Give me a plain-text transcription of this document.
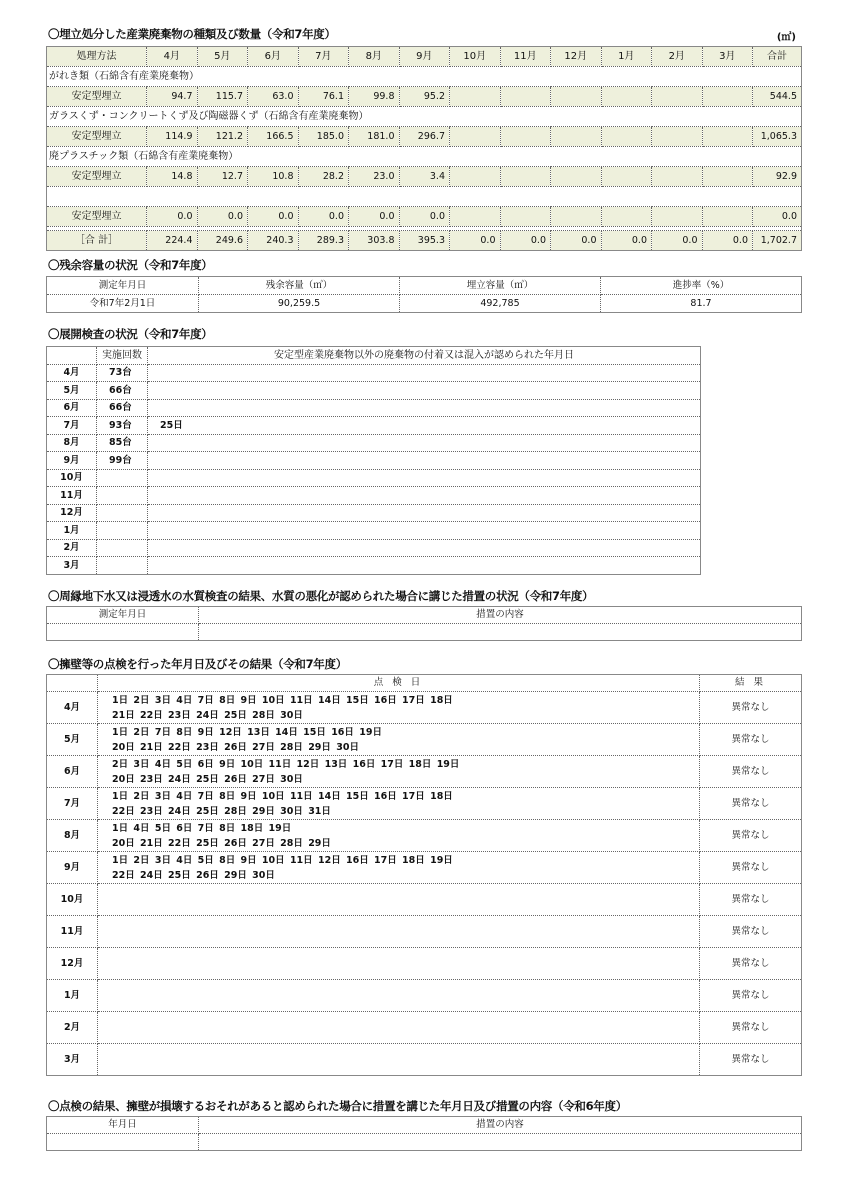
〇埋立処分した産業廃棄物の種類及び数量（令和7年度）	(㎡)
処理方法	4月	5月	6月	7月	8月	9月	10月	11月	12月	1月	2月	3月	合計
がれき類（石綿含有産業廃棄物）													
安定型埋立	94.7	115.7	63.0	76.1	99.8	95.2							544.5
ガラスくず・コンクリートくず及び陶磁器くず（石綿含有産業廃棄物）													
安定型埋立	114.9	121.2	166.5	185.0	181.0	296.7							1,065.3
廃プラスチック類（石綿含有産業廃棄物）													
安定型埋立	14.8	12.7	10.8	28.2	23.0	3.4							92.9

安定型埋立	0.0	0.0	0.0	0.0	0.0	0.0							0.0

［合 計］	224.4	249.6	240.3	289.3	303.8	395.3	0.0	0.0	0.0	0.0	0.0	0.0	1,702.7
〇残余容量の状況（令和7年度）
測定年月日	残余容量（㎥）	埋立容量（㎥）	進捗率（%）
令和7年2月1日	90,259.5	492,785	81.7
〇展開検査の状況（令和7年度）
	実施回数	安定型産業廃棄物以外の廃棄物の付着又は混入が認められた年月日
4月	73台	
5月	66台	
6月	66台	
7月	93台	25日
8月	85台	
9月	99台	
10月		
11月		
12月		
1月		
2月		
3月		
〇周縁地下水又は浸透水の水質検査の結果、水質の悪化が認められた場合に講じた措置の状況（令和7年度）
測定年月日	措置の内容

〇擁壁等の点検を行った年月日及びその結果（令和7年度）
	点 検 日	結 果
4月	1日 2日 3日 4日 7日 8日 9日 10日 11日 14日 15日 16日 17日 18日
21日 22日 23日 24日 25日 28日 30日	異常なし
5月	1日 2日 7日 8日 9日 12日 13日 14日 15日 16日 19日
20日 21日 22日 23日 26日 27日 28日 29日 30日	異常なし
6月	2日 3日 4日 5日 6日 9日 10日 11日 12日 13日 16日 17日 18日 19日
20日 23日 24日 25日 26日 27日 30日	異常なし
7月	1日 2日 3日 4日 7日 8日 9日 10日 11日 14日 15日 16日 17日 18日
22日 23日 24日 25日 28日 29日 30日 31日	異常なし
8月	1日 4日 5日 6日 7日 8日 18日 19日
20日 21日 22日 25日 26日 27日 28日 29日	異常なし
9月	1日 2日 3日 4日 5日 8日 9日 10日 11日 12日 16日 17日 18日 19日
22日 24日 25日 26日 29日 30日	異常なし
10月		異常なし
11月		異常なし
12月		異常なし
1月		異常なし
2月		異常なし
3月		異常なし
〇点検の結果、擁壁が損壊するおそれがあると認められた場合に措置を講じた年月日及び措置の内容（令和6年度）
年月日	措置の内容
